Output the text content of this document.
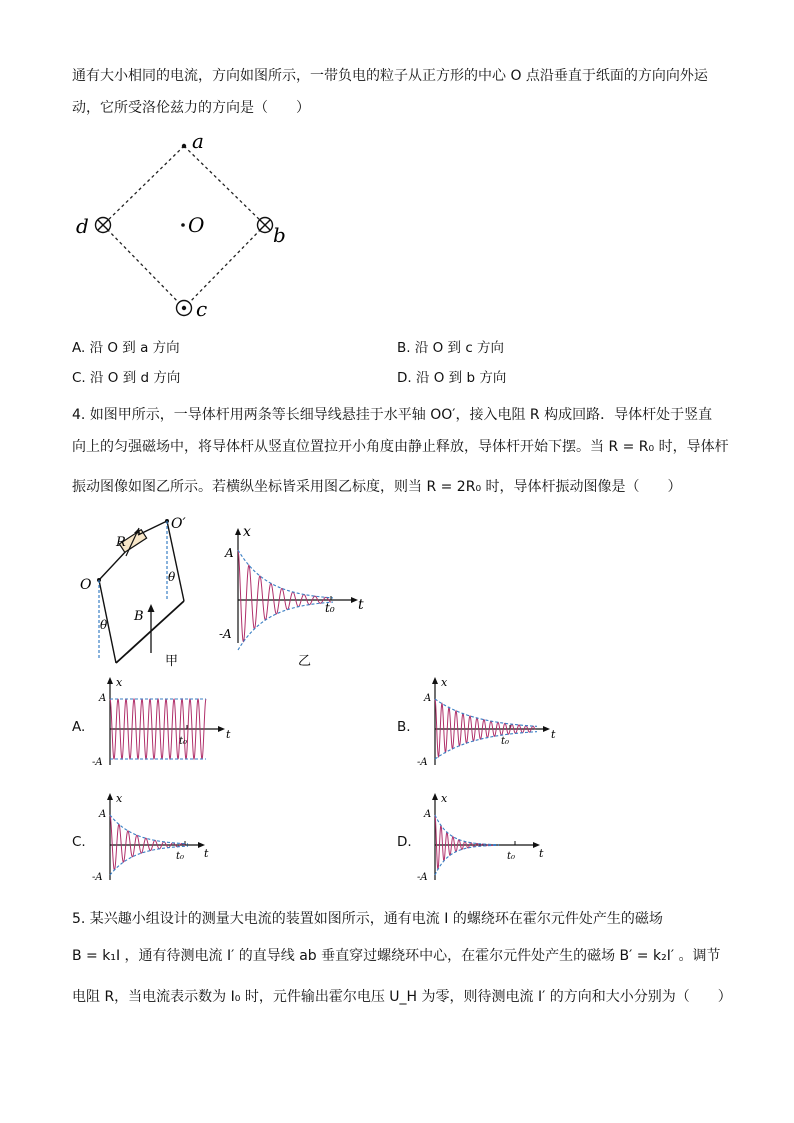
通有大小相同的电流，方向如图所示，一带负电的粒子从正方形的中心 O 点沿垂直于纸面的方向向外运
动，它所受洛伦兹力的方向是（　　）
a
d	O	b
c
A. 沿 O 到 a 方向	B. 沿 O 到 c 方向
C. 沿 O 到 d 方向	D. 沿 O 到 b 方向
4. 如图甲所示，一导体杆用两条等长细导线悬挂于水平轴 OO′，接入电阻 R 构成回路．导体杆处于竖直
向上的匀强磁场中，将导体杆从竖直位置拉开小角度由静止释放，导体杆开始下摆。当 R = R₀ 时，导体杆
振动图像如图乙所示。若横纵坐标皆采用图乙标度，则当 R = 2R₀ 时，导体杆振动图像是（　　）
O
O′
R
B
θ
θ
甲
x
t
A
-A
t₀
乙
A.	B.
C.	D.
x
t
A
-A
t₀
x
t
A
-A
t₀
x
t
A
-A
t₀
x
t
A
-A
t₀
5. 某兴趣小组设计的测量大电流的装置如图所示，通有电流 I 的螺绕环在霍尔元件处产生的磁场
B = k₁I ，通有待测电流 I′ 的直导线 ab 垂直穿过螺绕环中心，在霍尔元件处产生的磁场 B′ = k₂I′ 。调节
电阻 R，当电流表示数为 I₀ 时，元件输出霍尔电压 U_H 为零，则待测电流 I′ 的方向和大小分别为（　　）
